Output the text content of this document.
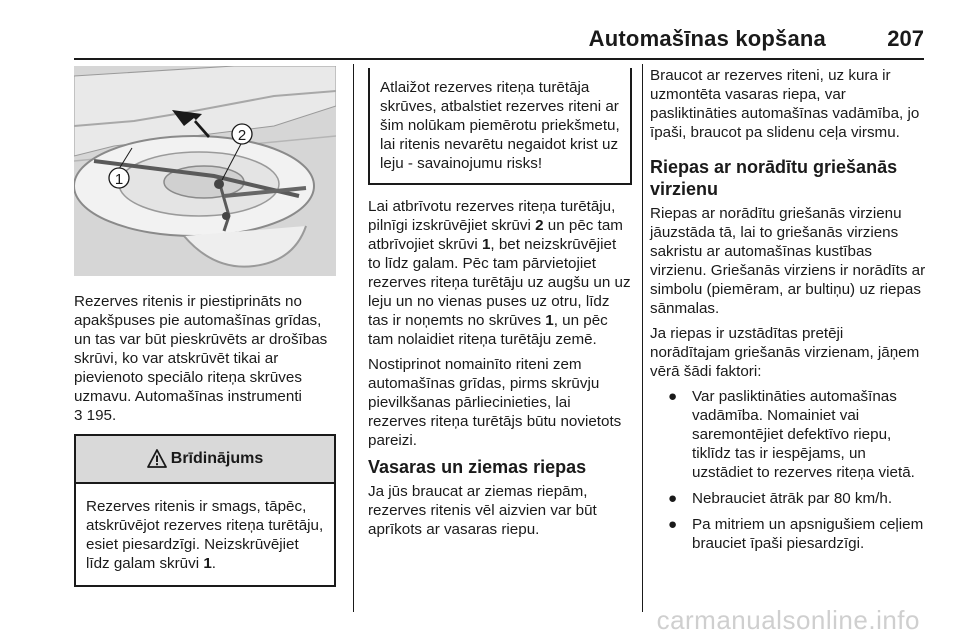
Automašīnas kopšana	207
1
2

Rezerves ritenis ir piestiprināts no apakšpuses pie automašīnas grīdas, un tas var būt pieskrūvēts ar drošības skrūvi, ko var atskrūvēt tikai ar pievienoto speciālo riteņa skrūves uzmavu. Automašīnas instrumenti
3 195.

Brīdinājums

Rezerves ritenis ir smags, tāpēc, atskrūvējot rezerves riteņa turētāju, esiet piesardzīgi. Neizskrūvējiet līdz galam skrūvi 1.

Atlaižot rezerves riteņa turētāja skrūves, atbalstiet rezerves riteni ar šim nolūkam piemērotu priekšmetu, lai ritenis nevarētu negaidot krist uz leju - savainojumu risks!

Lai atbrīvotu rezerves riteņa turētāju, pilnīgi izskrūvējiet skrūvi 2 un pēc tam atbrīvojiet skrūvi 1, bet neizskrūvējiet to līdz galam. Pēc tam pārvietojiet rezerves riteņa turētāju uz augšu un uz leju un no vienas puses uz otru, līdz tas ir noņemts no skrūves 1, un pēc tam nolaidiet riteņa turētāju zemē.

Nostiprinot nomainīto riteni zem automašīnas grīdas, pirms skrūvju pievilkšanas pārliecinieties, lai rezerves riteņa turētājs būtu novietots pareizi.

Vasaras un ziemas riepas

Ja jūs braucat ar ziemas riepām, rezerves ritenis vēl aizvien var būt aprīkots ar vasaras riepu.

Braucot ar rezerves riteni, uz kura ir uzmontēta vasaras riepa, var pasliktināties automašīnas vadāmība, jo īpaši, braucot pa slidenu ceļa virsmu.

Riepas ar norādītu griešanās virzienu

Riepas ar norādītu griešanās virzienu jāuzstāda tā, lai to griešanās virziens sakristu ar automašīnas kustības virzienu. Griešanās virziens ir norādīts ar simbolu (piemēram, ar bultiņu) uz riepas sānmalas.

Ja riepas ir uzstādītas pretēji norādītajam griešanās virzienam, jāņem vērā šādi faktori:

● Var pasliktināties automašīnas vadāmība. Nomainiet vai saremontējiet defektīvo riepu, tiklīdz tas ir iespējams, un uzstādiet to rezerves riteņa vietā.
● Nebrauciet ātrāk par 80 km/h.
● Pa mitriem un apsnigušiem ceļiem brauciet īpaši piesardzīgi.
carmanualsonline.info
